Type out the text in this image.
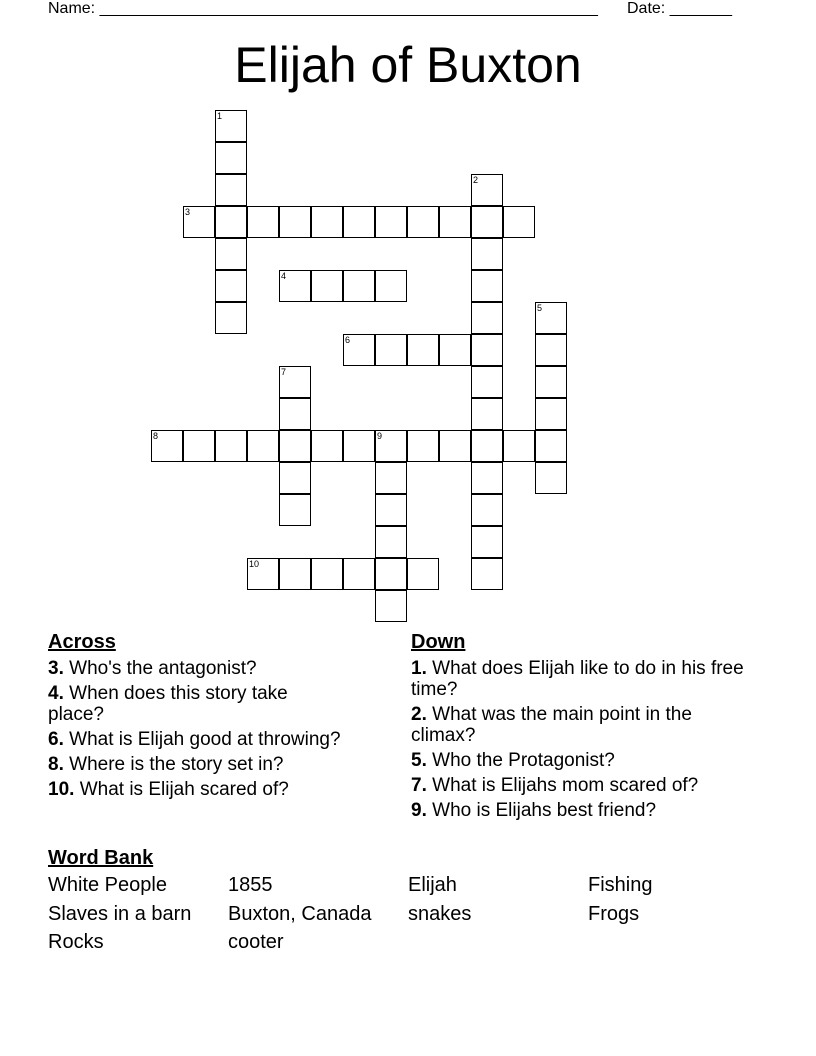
Name: ________________________________________________________ Date: _______
Elijah of Buxton
1
2
3
4
5
6
7
8	9
10
Across
3. Who's the antagonist?
4. When does this story take place?
6. What is Elijah good at throwing?
8. Where is the story set in?
10. What is Elijah scared of?
Down
1. What does Elijah like to do in his free time?
2. What was the main point in the climax?
5. Who the Protagonist?
7. What is Elijahs mom scared of?
9. Who is Elijahs best friend?
Word Bank
White People	1855	Elijah	Fishing
Slaves in a barn	Buxton, Canada	snakes	Frogs
Rocks	cooter
